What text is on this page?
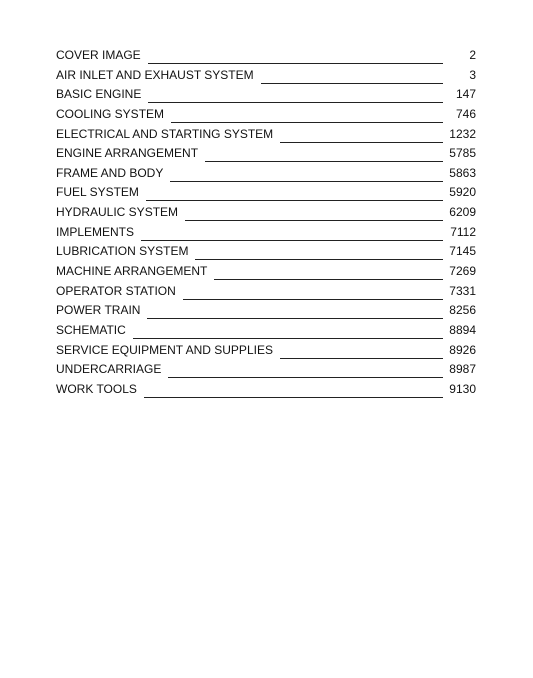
COVER IMAGE	2
AIR INLET AND EXHAUST SYSTEM	3
BASIC ENGINE	147
COOLING SYSTEM	746
ELECTRICAL AND STARTING SYSTEM	1232
ENGINE ARRANGEMENT	5785
FRAME AND BODY	5863
FUEL SYSTEM	5920
HYDRAULIC SYSTEM	6209
IMPLEMENTS	7112
LUBRICATION SYSTEM	7145
MACHINE ARRANGEMENT	7269
OPERATOR STATION	7331
POWER TRAIN	8256
SCHEMATIC	8894
SERVICE EQUIPMENT AND SUPPLIES	8926
UNDERCARRIAGE	8987
WORK TOOLS	9130
